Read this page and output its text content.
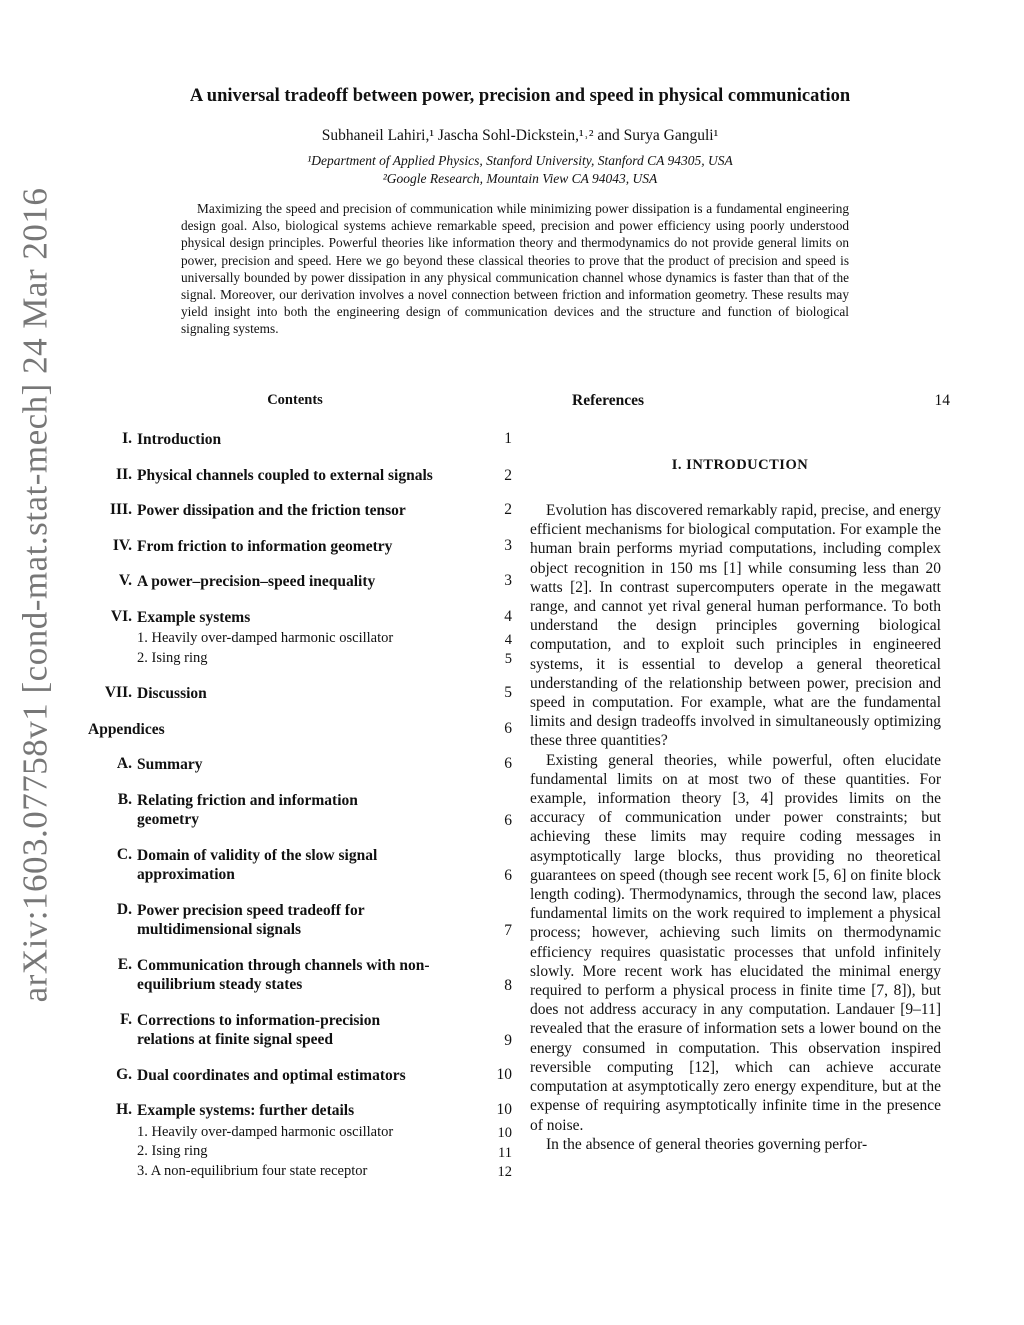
arXiv:1603.07758v1 [cond-mat.stat-mech] 24 Mar 2016
A universal tradeoff between power, precision and speed in physical communication
Subhaneil Lahiri,¹ Jascha Sohl-Dickstein,¹˒² and Surya Ganguli¹
¹Department of Applied Physics, Stanford University, Stanford CA 94305, USA
²Google Research, Mountain View CA 94043, USA

Maximizing the speed and precision of communication while minimizing power dissipation is a fundamental engineering design goal. Also, biological systems achieve remarkable speed, precision and power efficiency using poorly understood physical design principles. Powerful theories like information theory and thermodynamics do not provide general limits on power, precision and speed. Here we go beyond these classical theories to prove that the product of precision and speed is universally bounded by power dissipation in any physical communication channel whose dynamics is faster than that of the signal. Moreover, our derivation involves a novel connection between friction and information geometry. These results may yield insight into both the engineering design of communication devices and the structure and function of biological signaling systems.

Contents	References	14
I. Introduction	1
II. Physical channels coupled to external signals	2
III. Power dissipation and the friction tensor	2
IV. From friction to information geometry	3
V. A power–precision–speed inequality	3
VI. Example systems	4
1. Heavily over-damped harmonic oscillator	4
2. Ising ring	5
VII. Discussion	5
Appendices	6
A. Summary	6
B. Relating friction and information geometry	6
C. Domain of validity of the slow signal approximation	6
D. Power precision speed tradeoff for multidimensional signals	7
E. Communication through channels with non-equilibrium steady states	8
F. Corrections to information-precision relations at finite signal speed	9
G. Dual coordinates and optimal estimators	10
H. Example systems: further details	10
1. Heavily over-damped harmonic oscillator	10
2. Ising ring	11
3. A non-equilibrium four state receptor	12
I. INTRODUCTION

Evolution has discovered remarkably rapid, precise, and energy efficient mechanisms for biological computation. For example the human brain performs myriad computations, including complex object recognition in 150 ms [1] while consuming less than 20 watts [2]. In contrast supercomputers operate in the megawatt range, and cannot yet rival general human performance. To both understand the design principles governing biological computation, and to exploit such principles in engineered systems, it is essential to develop a general theoretical understanding of the relationship between power, precision and speed in computation. For example, what are the fundamental limits and design tradeoffs involved in simultaneously optimizing these three quantities?

Existing general theories, while powerful, often elucidate fundamental limits on at most two of these quantities. For example, information theory [3, 4] provides limits on the accuracy of communication under power constraints; but achieving these limits may require coding messages in asymptotically large blocks, thus providing no theoretical guarantees on speed (though see recent work [5, 6] on finite block length coding). Thermodynamics, through the second law, places fundamental limits on the work required to implement a physical process; however, achieving such limits on thermodynamic efficiency requires quasistatic processes that unfold infinitely slowly. More recent work has elucidated the minimal energy required to perform a physical process in finite time [7, 8]), but does not address accuracy in any computation. Landauer [9–11] revealed that the erasure of information sets a lower bound on the energy consumed in computation. This observation inspired reversible computing [12], which can achieve accurate computation at asymptotically zero energy expenditure, but at the expense of requiring asymptotically infinite time in the presence of noise.

In the absence of general theories governing perfor-
